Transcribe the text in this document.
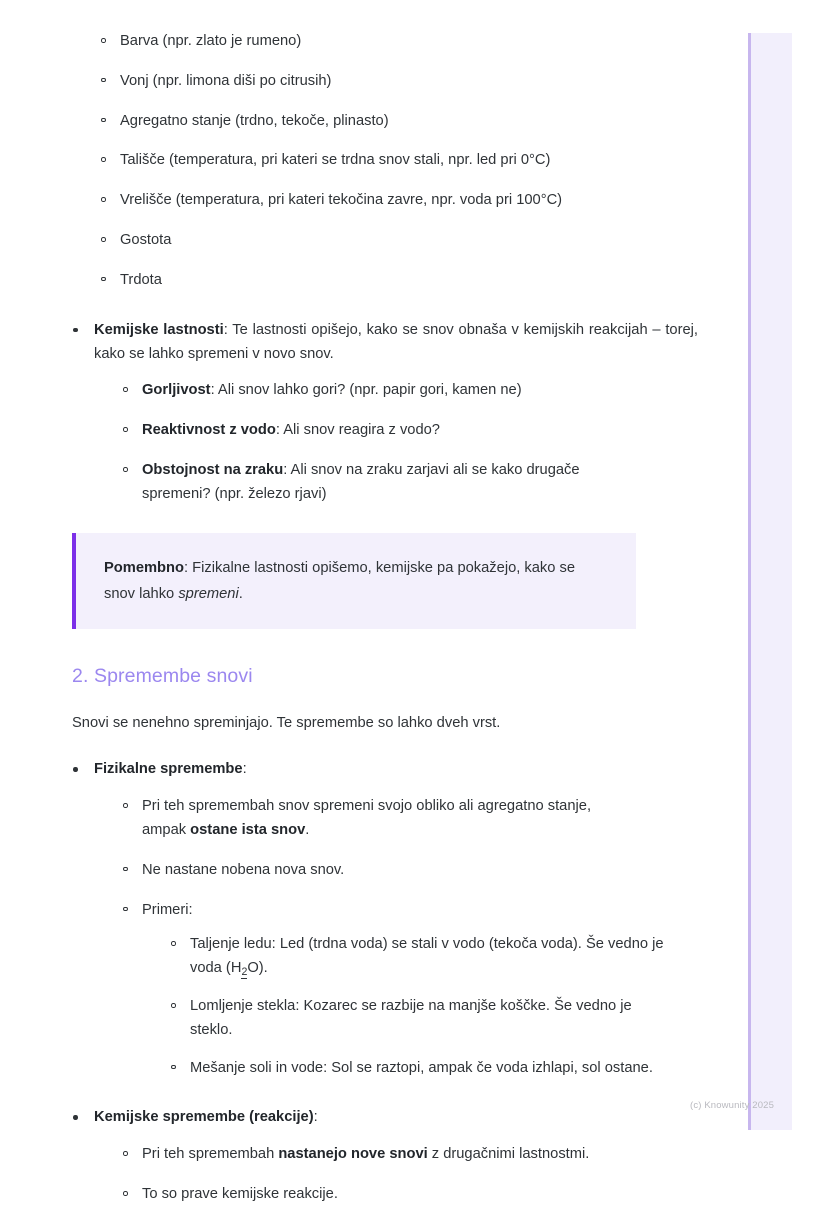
Barva (npr. zlato je rumeno)
Vonj (npr. limona diši po citrusih)
Agregatno stanje (trdno, tekoče, plinasto)
Tališče (temperatura, pri kateri se trdna snov stali, npr. led pri 0°C)
Vrelišče (temperatura, pri kateri tekočina zavre, npr. voda pri 100°C)
Gostota
Trdota
Kemijske lastnosti: Te lastnosti opišejo, kako se snov obnaša v kemijskih reakcijah – torej, kako se lahko spremeni v novo snov.
Gorljivost: Ali snov lahko gori? (npr. papir gori, kamen ne)
Reaktivnost z vodo: Ali snov reagira z vodo?
Obstojnost na zraku: Ali snov na zraku zarjavi ali se kako drugače spremeni? (npr. železo rjavi)

Pomembno: Fizikalne lastnosti opišemo, kemijske pa pokažejo, kako se snov lahko spremeni.

2. Spremembe snovi

Snovi se nenehno spreminjajo. Te spremembe so lahko dveh vrst.

Fizikalne spremembe:
Pri teh spremembah snov spremeni svojo obliko ali agregatno stanje, ampak ostane ista snov.
Ne nastane nobena nova snov.
Primeri:
Taljenje ledu: Led (trdna voda) se stali v vodo (tekoča voda). Še vedno je voda $(H_2O)$.
Lomljenje stekla: Kozarec se razbije na manjše koščke. Še vedno je steklo.
Mešanje soli in vode: Sol se raztopi, ampak če voda izhlapi, sol ostane.
Kemijske spremembe (reakcije):
Pri teh spremembah nastanejo nove snovi z drugačnimi lastnostmi.
To so prave kemijske reakcije.
(c) Knowunity 2025
